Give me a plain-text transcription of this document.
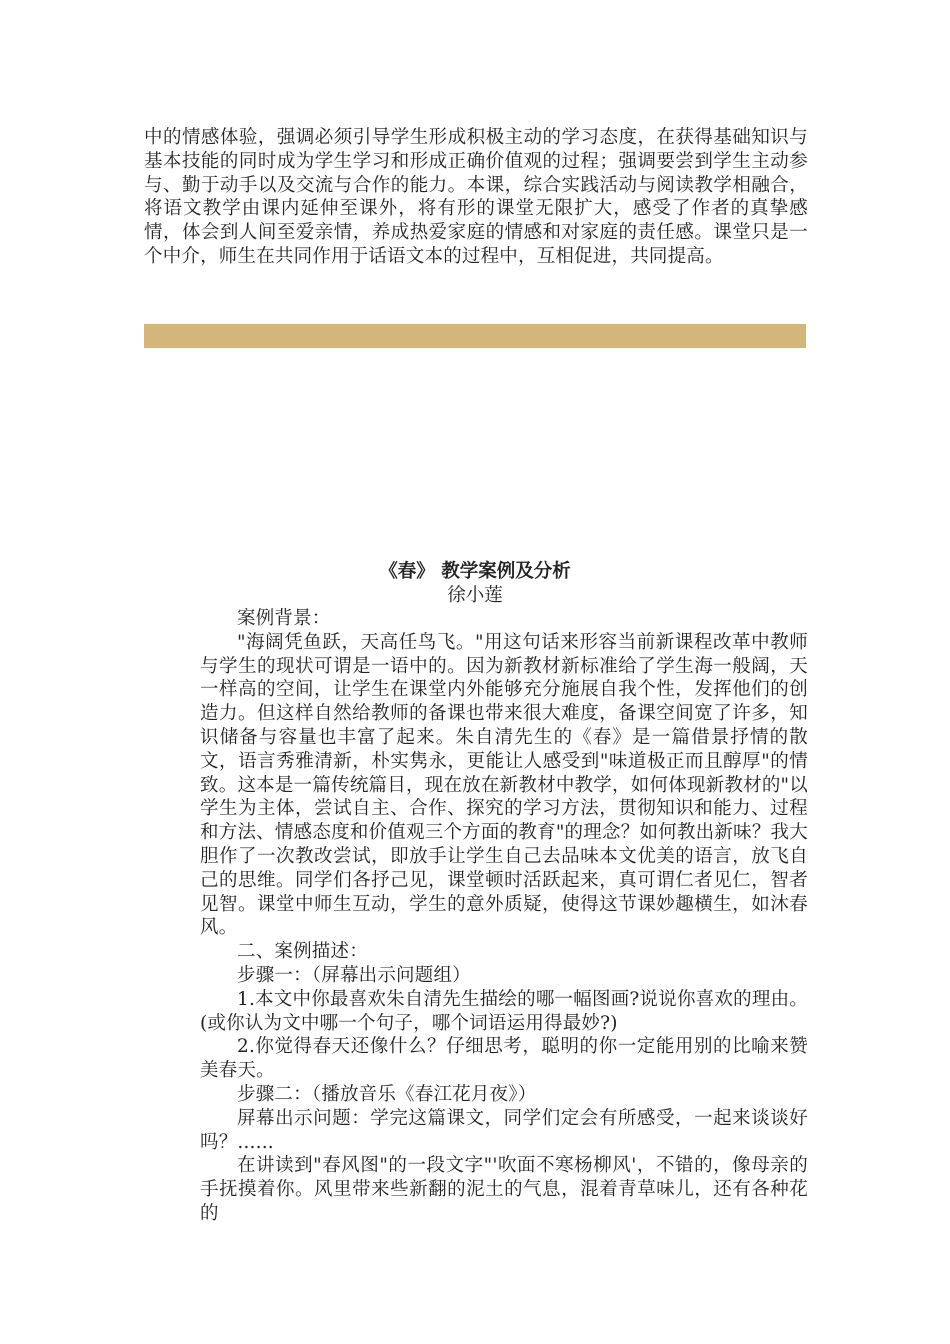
中的情感体验，强调必须引导学生形成积极主动的学习态度，在获得基础知识与基本技能的同时成为学生学习和形成正确价值观的过程；强调要尝到学生主动参与、勤于动手以及交流与合作的能力。本课，综合实践活动与阅读教学相融合，将语文教学由课内延伸至课外，将有形的课堂无限扩大，感受了作者的真挚感情，体会到人间至爱亲情，养成热爱家庭的情感和对家庭的责任感。课堂只是一个中介，师生在共同作用于话语文本的过程中，互相促进，共同提高。

《春》 教学案例及分析
徐小莲

案例背景：

"海阔凭鱼跃，天高任鸟飞。"用这句话来形容当前新课程改革中教师与学生的现状可谓是一语中的。因为新教材新标准给了学生海一般阔，天一样高的空间，让学生在课堂内外能够充分施展自我个性，发挥他们的创造力。但这样自然给教师的备课也带来很大难度，备课空间宽了许多，知识储备与容量也丰富了起来。朱自清先生的《春》是一篇借景抒情的散文，语言秀雅清新，朴实隽永，更能让人感受到"味道极正而且醇厚"的情致。这本是一篇传统篇目，现在放在新教材中教学，如何体现新教材的"以学生为主体，尝试自主、合作、探究的学习方法，贯彻知识和能力、过程和方法、情感态度和价值观三个方面的教育"的理念？如何教出新味？我大胆作了一次教改尝试，即放手让学生自己去品味本文优美的语言，放飞自己的思维。同学们各抒己见，课堂顿时活跃起来，真可谓仁者见仁，智者见智。课堂中师生互动，学生的意外质疑，使得这节课妙趣横生，如沐春风。

二、案例描述：

步骤一：（屏幕出示问题组）

1.本文中你最喜欢朱自清先生描绘的哪一幅图画?说说你喜欢的理由。(或你认为文中哪一个句子，哪个词语运用得最妙?)

2.你觉得春天还像什么？仔细思考，聪明的你一定能用别的比喻来赞美春天。

步骤二：（播放音乐《春江花月夜》）

屏幕出示问题：学完这篇课文，同学们定会有所感受，一起来谈谈好吗？......

在讲读到"春风图"的一段文字"'吹面不寒杨柳风'，不错的，像母亲的手抚摸着你。风里带来些新翻的泥土的气息，混着青草味儿，还有各种花的
